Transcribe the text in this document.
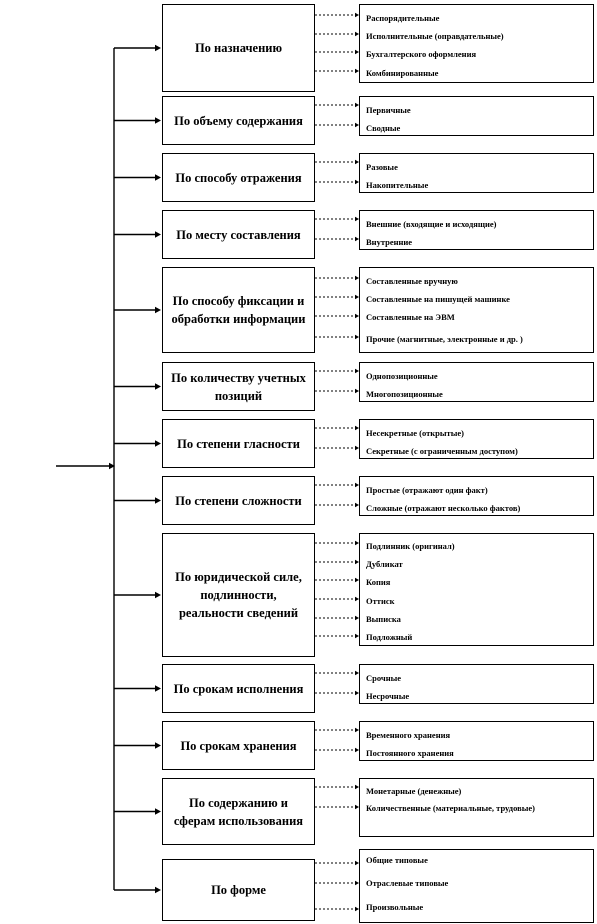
По назначению
Распорядительные
Исполнительные (оправдательные)
Бухгалтерского оформления
Комбинированные
По объему содержания
Первичные
Сводные
По способу отражения
Разовые
Накопительные
По месту составления
Внешние (входящие и исходящие)
Внутренние
По способу фиксации и обработки информации
Составленные вручную
Составленные на пишущей машинке
Составленные на ЭВМ
Прочие (магнитные, электронные и др. )
По количеству учетных позиций
Однопозиционные
Многопозиционные
По степени гласности
Несекретные (открытые)
Секретные (с ограниченным доступом)
По степени сложности
Простые (отражают один факт)
Сложные (отражают несколько фактов)
По юридической силе, подлинности, реальности сведений
Подлинник (оригинал)
Дубликат
Копия
Оттиск
Выписка
Подложный
По срокам исполнения
Срочные
Несрочные
По срокам хранения
Временного хранения
Постоянного хранения
По содержанию и сферам использования
Монетарные (денежные)
Количественные (материальные, трудовые)
По форме
Общие типовые
Отраслевые типовые
Произвольные
